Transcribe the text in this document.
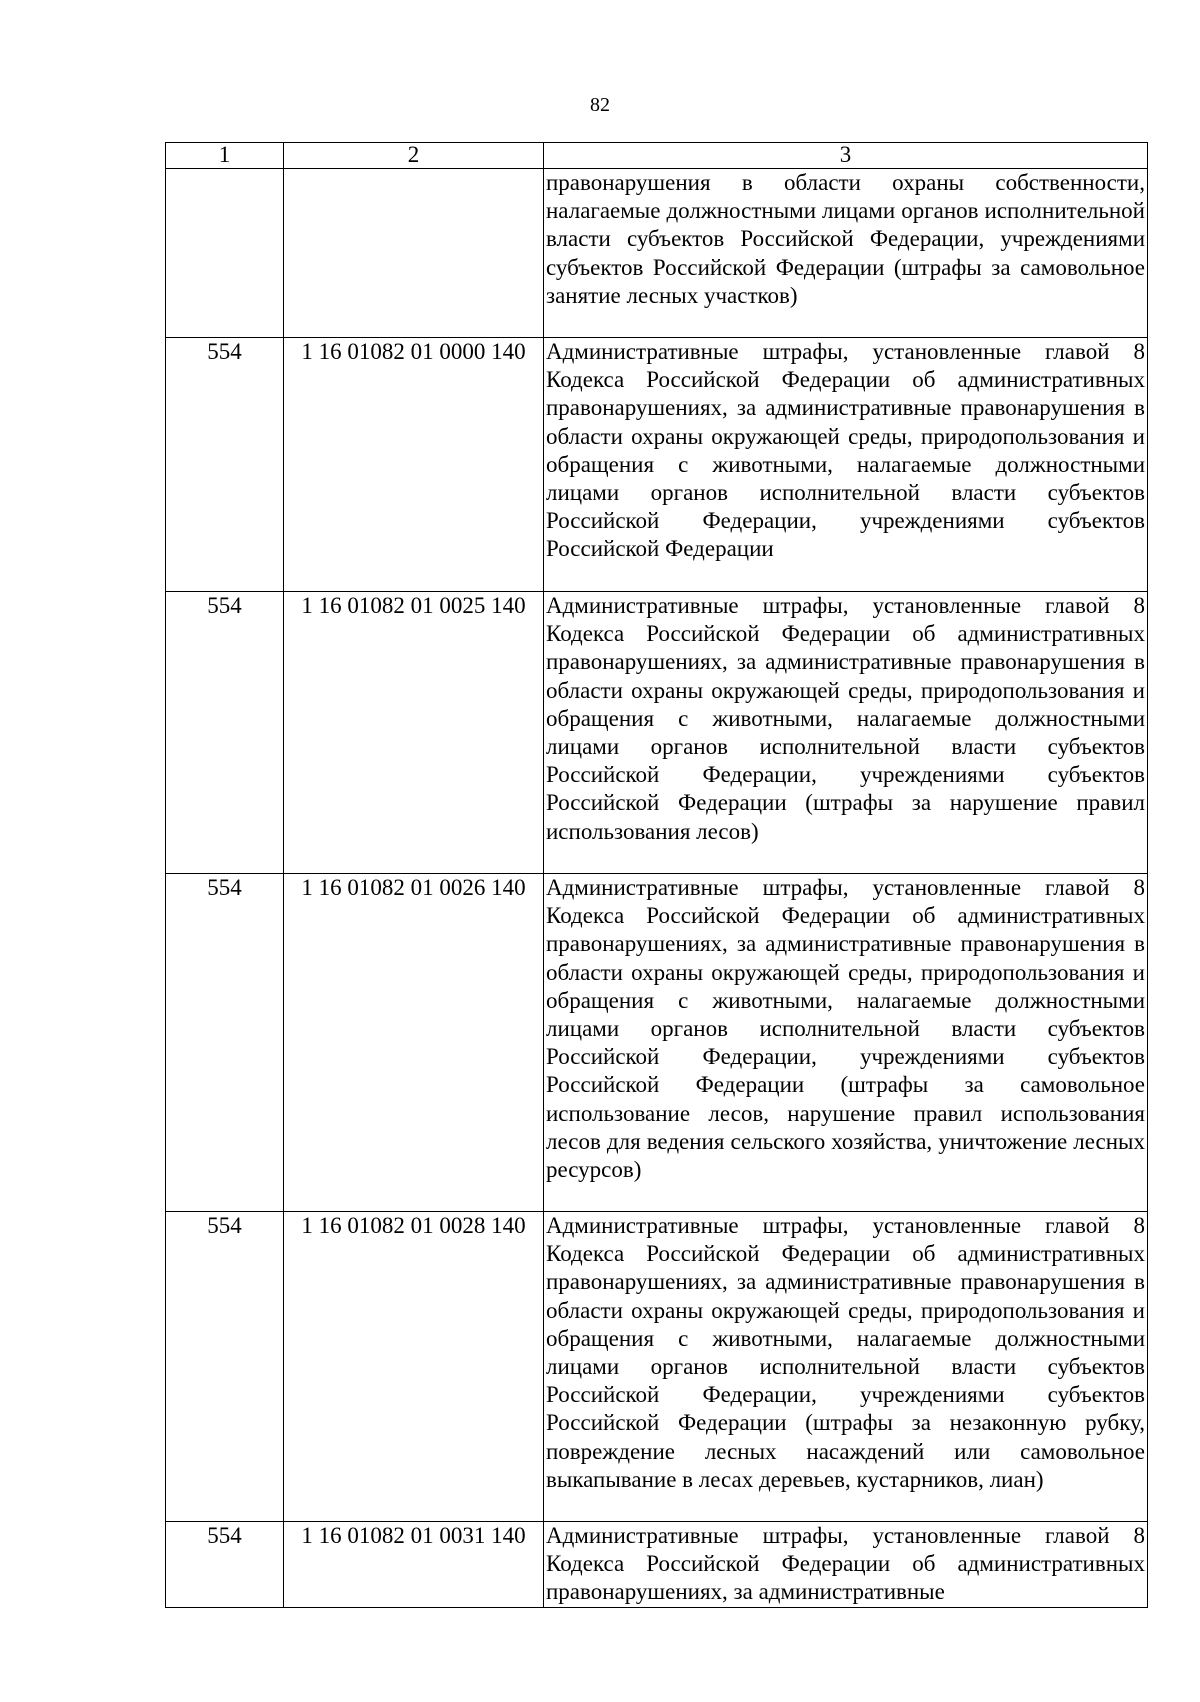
82
1	2	3

		правонарушения в области охраны собственности, налагаемые должностными лицами органов исполнительной власти субъектов Российской Федерации, учреждениями субъектов Российской Федерации (штрафы за самовольное занятие лесных участков)

554	1 16 01082 01 0000 140	Административные штрафы, установленные главой 8 Кодекса Российской Федерации об административных правонарушениях, за административные правонарушения в области охраны окружающей среды, природопользования и обращения с животными, налагаемые должностными лицами органов исполнительной власти субъектов Российской Федерации, учреждениями субъектов Российской Федерации

554	1 16 01082 01 0025 140	Административные штрафы, установленные главой 8 Кодекса Российской Федерации об административных правонарушениях, за административные правонарушения в области охраны окружающей среды, природопользования и обращения с животными, налагаемые должностными лицами органов исполнительной власти субъектов Российской Федерации, учреждениями субъектов Российской Федерации (штрафы за нарушение правил использования лесов)

554	1 16 01082 01 0026 140	Административные штрафы, установленные главой 8 Кодекса Российской Федерации об административных правонарушениях, за административные правонарушения в области охраны окружающей среды, природопользования и обращения с животными, налагаемые должностными лицами органов исполнительной власти субъектов Российской Федерации, учреждениями субъектов Российской Федерации (штрафы за самовольное использование лесов, нарушение правил использования лесов для ведения сельского хозяйства, уничтожение лесных ресурсов)

554	1 16 01082 01 0028 140	Административные штрафы, установленные главой 8 Кодекса Российской Федерации об административных правонарушениях, за административные правонарушения в области охраны окружающей среды, природопользования и обращения с животными, налагаемые должностными лицами органов исполнительной власти субъектов Российской Федерации, учреждениями субъектов Российской Федерации (штрафы за незаконную рубку, повреждение лесных насаждений или самовольное выкапывание в лесах деревьев, кустарников, лиан)

554	1 16 01082 01 0031 140	Административные штрафы, установленные главой 8 Кодекса Российской Федерации об административных правонарушениях, за административные
